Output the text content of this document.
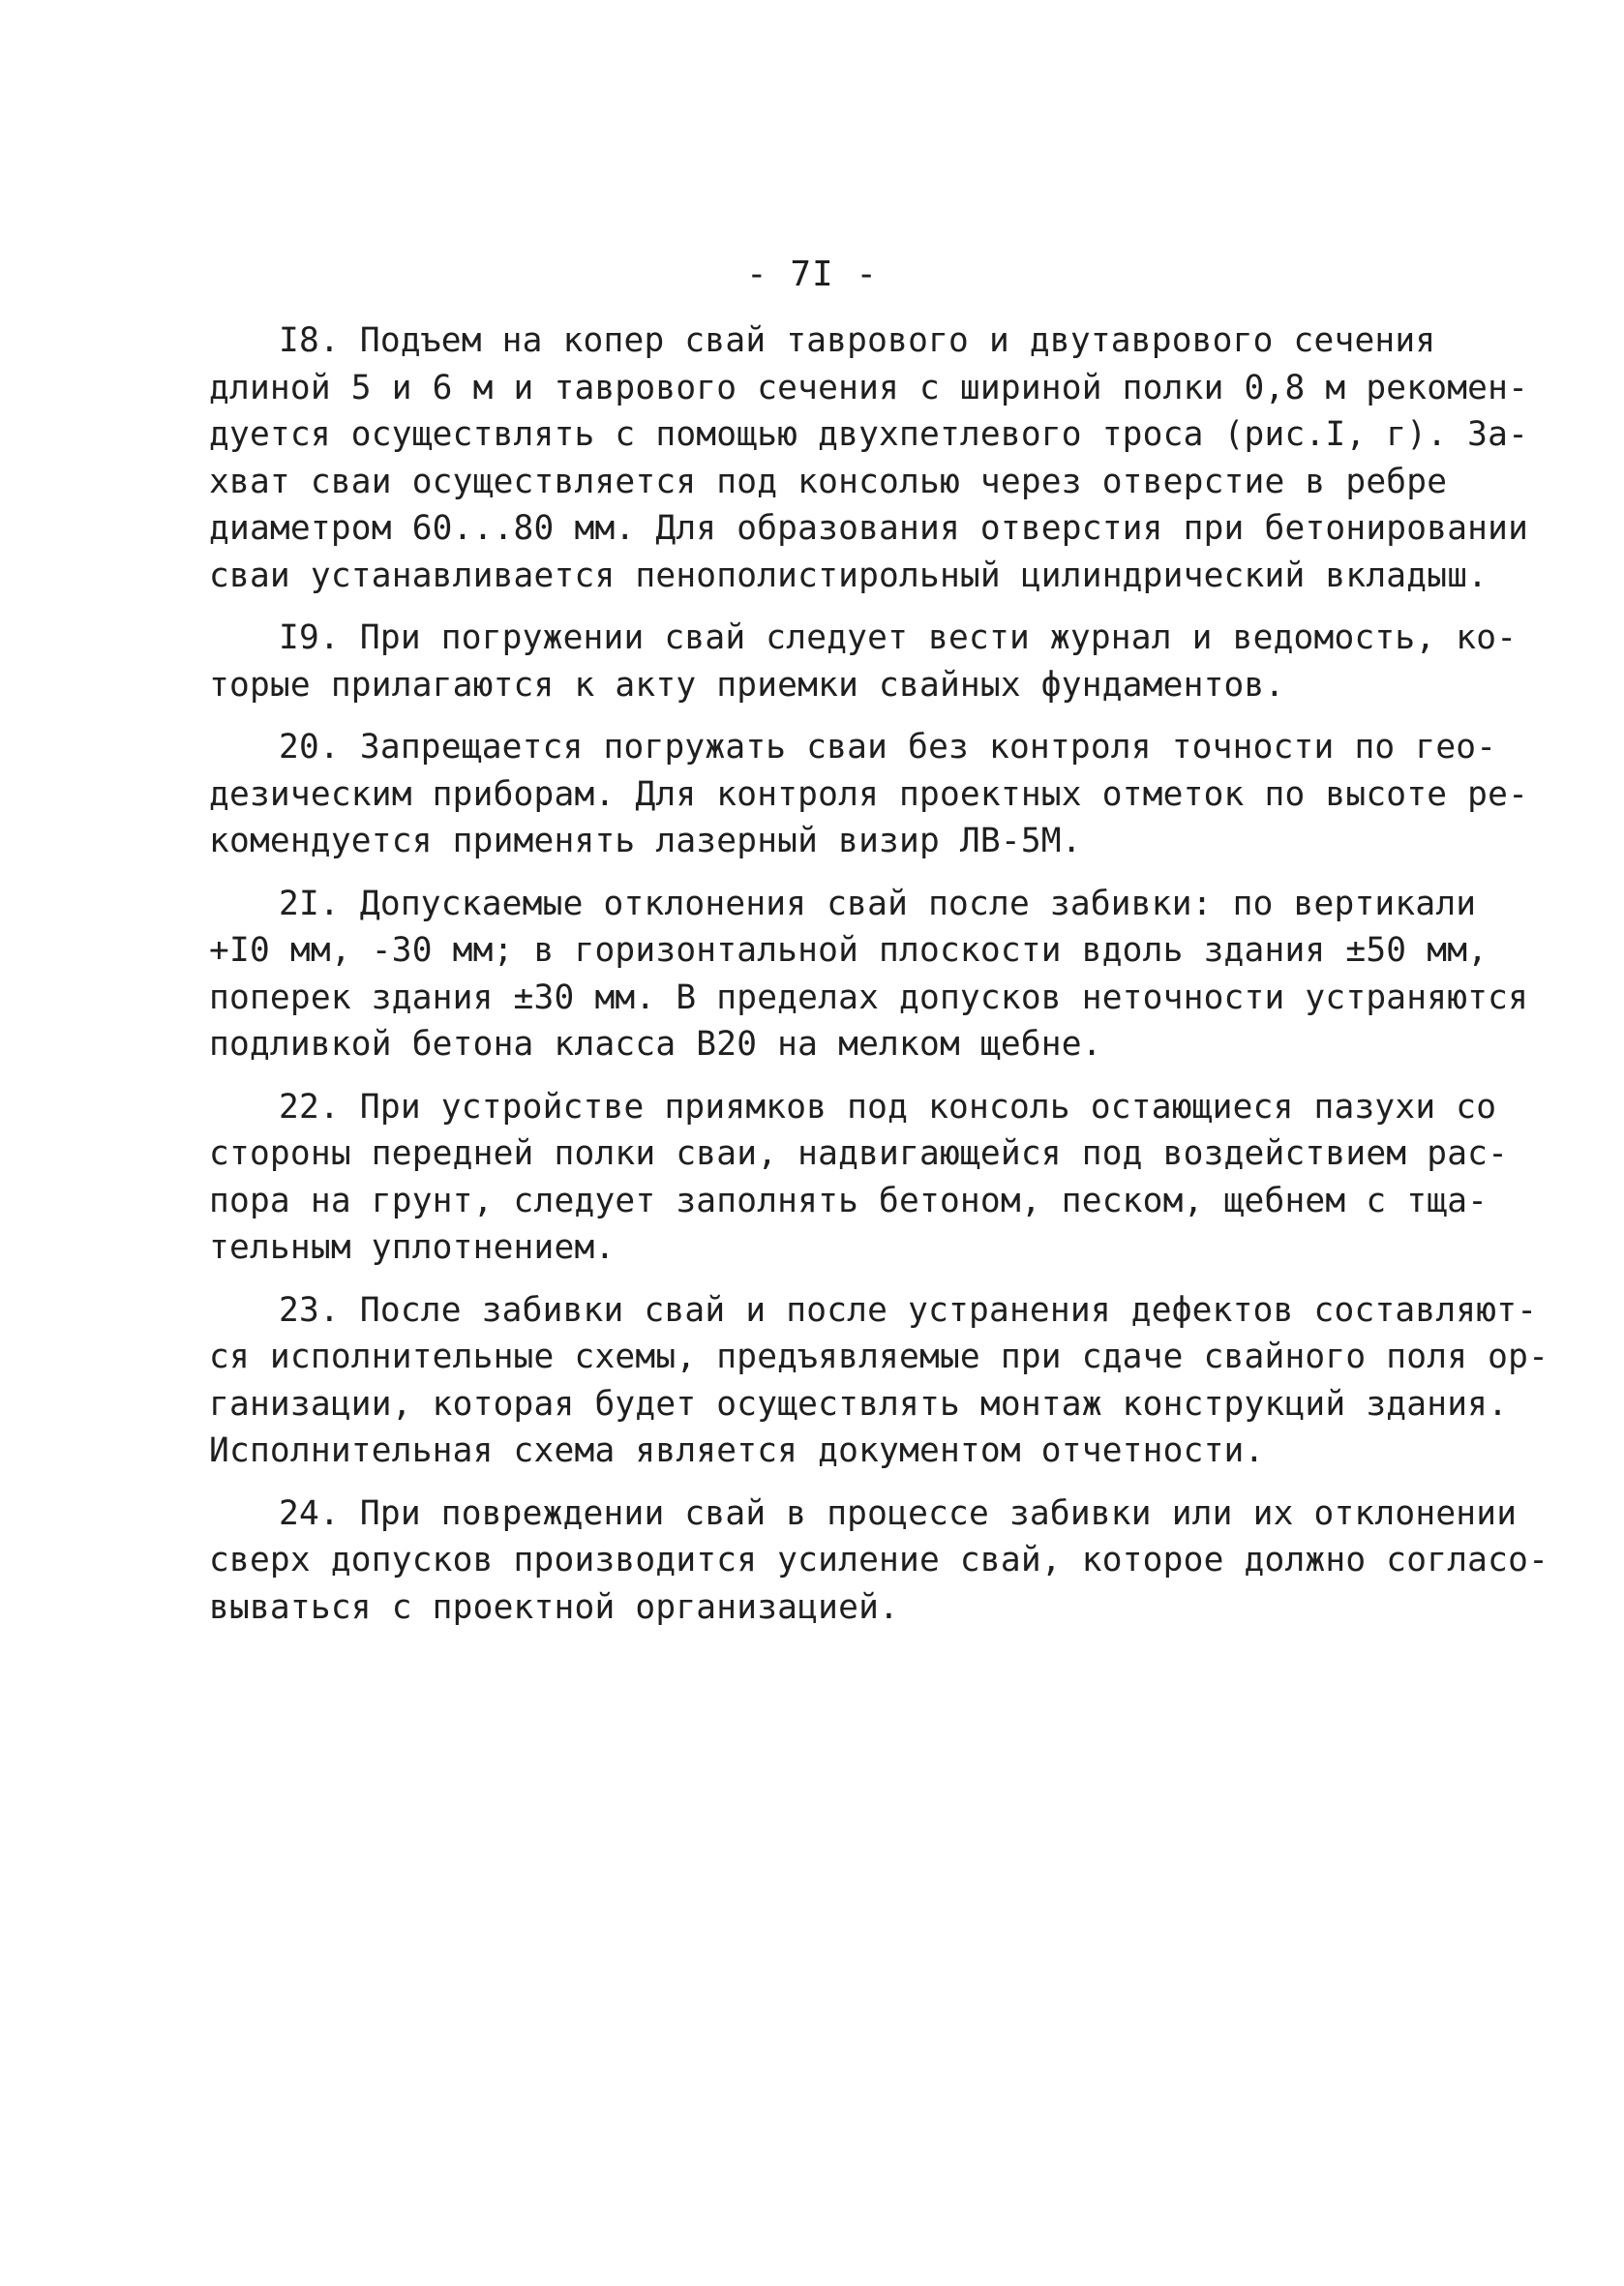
- 7I -
I8. Подъем на копер свай таврового и двутаврового сечения
длиной 5 и 6 м и таврового сечения с шириной полки 0,8 м рекомен-
дуется осуществлять с помощью двухпетлевого троса (рис.I, г). За-
хват сваи осуществляется под консолью через отверстие в ребре
диаметром 60...80 мм. Для образования отверстия при бетонировании
сваи устанавливается пенополистирольный цилиндрический вкладыш.
I9. При погружении свай следует вести журнал и ведомость, ко-
торые прилагаются к акту приемки свайных фундаментов.
20. Запрещается погружать сваи без контроля точности по гео-
дезическим приборам. Для контроля проектных отметок по высоте ре-
комендуется применять лазерный визир ЛВ-5М.
2I. Допускаемые отклонения свай после забивки: по вертикали
+I0 мм, -30 мм; в горизонтальной плоскости вдоль здания ±50 мм,
поперек здания ±30 мм. В пределах допусков неточности устраняются
подливкой бетона класса В20 на мелком щебне.
22. При устройстве приямков под консоль остающиеся пазухи со
стороны передней полки сваи, надвигающейся под воздействием рас-
пора на грунт, следует заполнять бетоном, песком, щебнем с тща-
тельным уплотнением.
23. После забивки свай и после устранения дефектов составляют-
ся исполнительные схемы, предъявляемые при сдаче свайного поля ор-
ганизации, которая будет осуществлять монтаж конструкций здания.
Исполнительная схема является документом отчетности.
24. При повреждении свай в процессе забивки или их отклонении
сверх допусков производится усиление свай, которое должно согласо-
вываться с проектной организацией.
